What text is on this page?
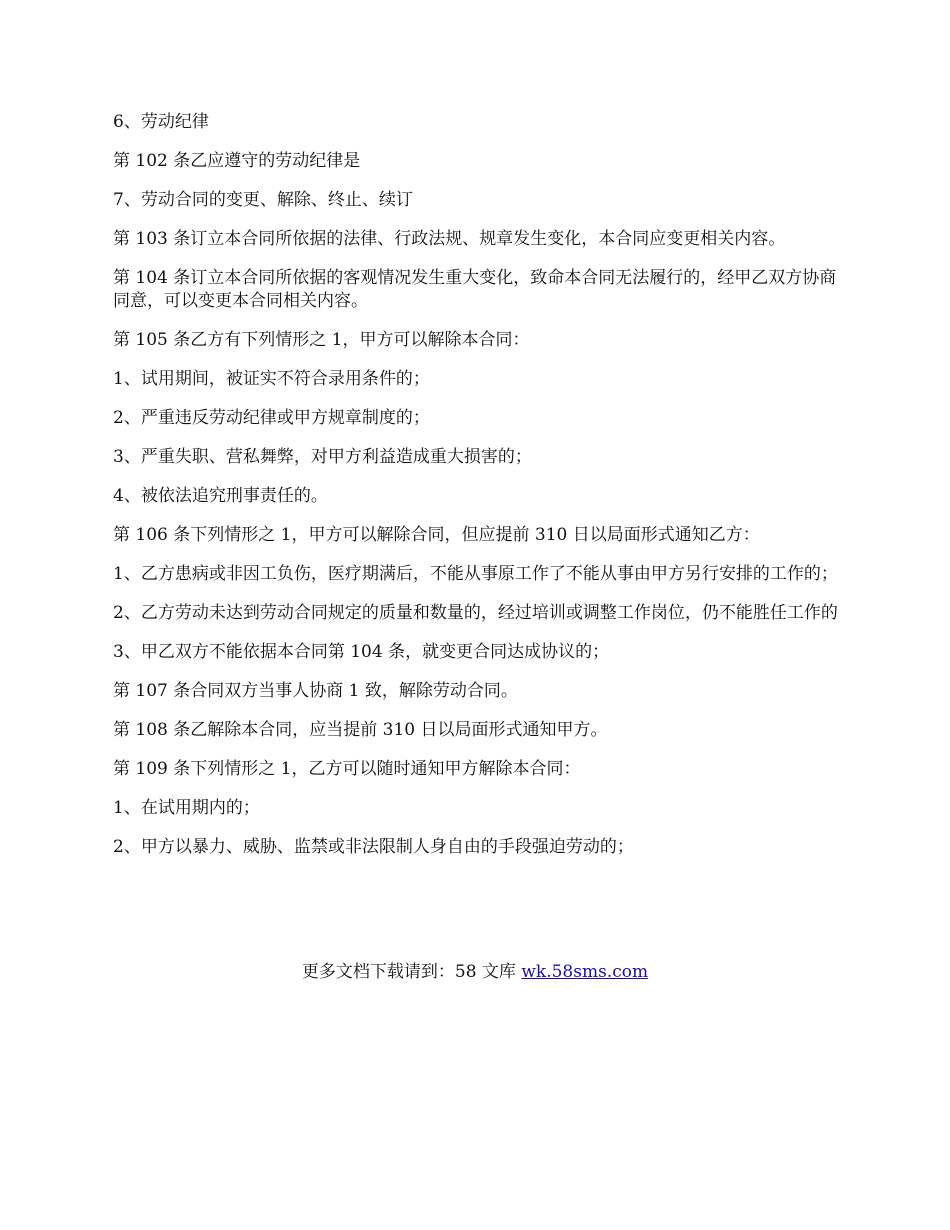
6、劳动纪律

第 102 条乙应遵守的劳动纪律是

7、劳动合同的变更、解除、终止、续订

第 103 条订立本合同所依据的法律、行政法规、规章发生变化，本合同应变更相关内容。

第 104 条订立本合同所依据的客观情况发生重大变化，致命本合同无法履行的，经甲乙双方协商同意，可以变更本合同相关内容。

第 105 条乙方有下列情形之 1，甲方可以解除本合同：

1、试用期间，被证实不符合录用条件的；

2、严重违反劳动纪律或甲方规章制度的；

3、严重失职、营私舞弊，对甲方利益造成重大损害的；

4、被依法追究刑事责任的。

第 106 条下列情形之 1，甲方可以解除合同，但应提前 310 日以局面形式通知乙方：

1、乙方患病或非因工负伤，医疗期满后，不能从事原工作了不能从事由甲方另行安排的工作的；

2、乙方劳动未达到劳动合同规定的质量和数量的，经过培训或调整工作岗位，仍不能胜任工作的

3、甲乙双方不能依据本合同第 104 条，就变更合同达成协议的；

第 107 条合同双方当事人协商 1 致，解除劳动合同。

第 108 条乙解除本合同，应当提前 310 日以局面形式通知甲方。

第 109 条下列情形之 1，乙方可以随时通知甲方解除本合同：

1、在试用期内的；

2、甲方以暴力、威胁、监禁或非法限制人身自由的手段强迫劳动的；

更多文档下载请到：58 文库 wk.58sms.com
